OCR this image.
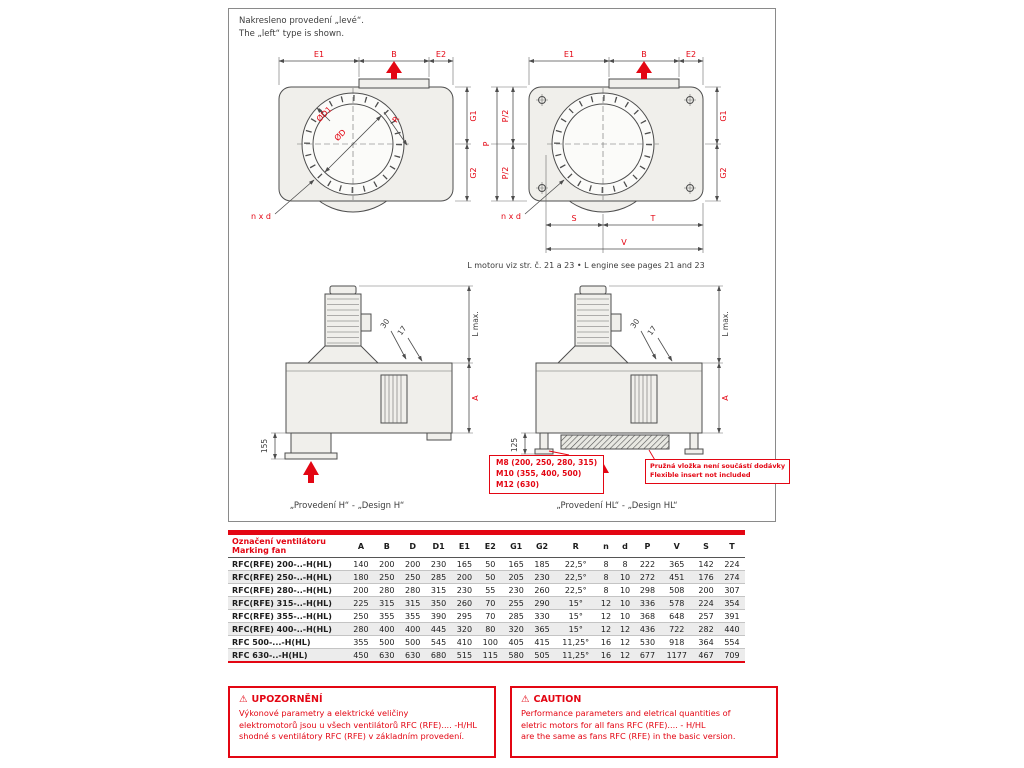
E1	B	E2
G1
G2
ØD
ØD1	R
n x d
E1	B	E2
P
P/2
P/2
G1
G2
S	T
V
n x d
L max.
A
155
30
17	L max.
A
125
30
17
Nakresleno provedení „levé“.
The „left“ type is shown.
L motoru viz str. č. 21 a 23 • L engine see pages 21 and 23
M8 (200, 250, 280, 315)
M10 (355, 400, 500)
M12 (630)
Pružná vložka není součástí dodávky
Flexible insert not included
„Provedení H“ - „Design H“	„Provedení HL“ - „Design HL“
Označení ventilátoru
Marking fan	A	B	D	D1	E1	E2	G1	G2	R	n	d	P	V	S	T
RFC(RFE) 200-..-H(HL)	140	200	200	230	165	50	165	185	22,5°	8	8	222	365	142	224
RFC(RFE) 250-..-H(HL)	180	250	250	285	200	50	205	230	22,5°	8	10	272	451	176	274
RFC(RFE) 280-..-H(HL)	200	280	280	315	230	55	230	260	22,5°	8	10	298	508	200	307
RFC(RFE) 315-..-H(HL)	225	315	315	350	260	70	255	290	15°	12	10	336	578	224	354
RFC(RFE) 355-..-H(HL)	250	355	355	390	295	70	285	330	15°	12	10	368	648	257	391
RFC(RFE) 400-..-H(HL)	280	400	400	445	320	80	320	365	15°	12	12	436	722	282	440
RFC 500-...-H(HL)	355	500	500	545	410	100	405	415	11,25°	16	12	530	918	364	554
RFC 630-..-H(HL)	450	630	630	680	515	115	580	505	11,25°	16	12	677	1177	467	709
⚠ UPOZORNĚNÍ
Výkonové parametry a elektrické veličiny
elektromotorů jsou u všech ventilátorů RFC (RFE).... -H/HL
shodné s ventilátory RFC (RFE) v základním provedení.
⚠ CAUTION
Performance parameters and eletrical quantities of
eletric motors for all fans RFC (RFE).... - H/HL
are the same as fans RFC (RFE) in the basic version.
